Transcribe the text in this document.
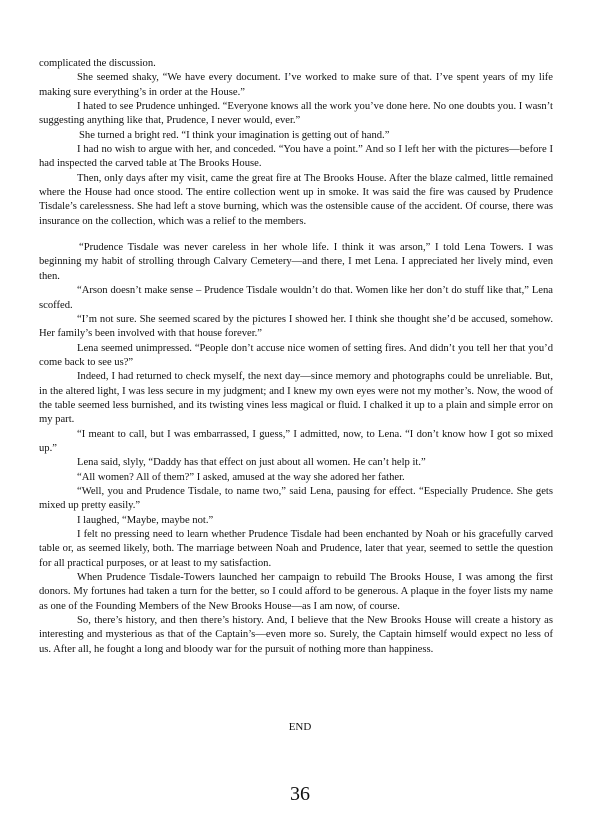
complicated the discussion.

She seemed shaky, “We have every document. I’ve worked to make sure of that. I’ve spent years of my life making sure everything’s in order at the House.”

I hated to see Prudence unhinged. “Everyone knows all the work you’ve done here. No one doubts you. I wasn’t suggesting anything like that, Prudence, I never would, ever.”

She turned a bright red. “I think your imagination is getting out of hand.”

I had no wish to argue with her, and conceded. “You have a point.” And so I left her with the pictures—before I had inspected the carved table at The Brooks House.

Then, only days after my visit, came the great fire at The Brooks House. After the blaze calmed, little remained where the House had once stood. The entire collection went up in smoke. It was said the fire was caused by Prudence Tisdale’s carelessness. She had left a stove burning, which was the ostensible cause of the accident. Of course, there was insurance on the collection, which was a relief to the members.

“Prudence Tisdale was never careless in her whole life. I think it was arson,” I told Lena Towers. I was beginning my habit of strolling through Calvary Cemetery—and there, I met Lena. I appreciated her lively mind, even then.

“Arson doesn’t make sense – Prudence Tisdale wouldn’t do that. Women like her don’t do stuff like that,” Lena scoffed.

“I’m not sure. She seemed scared by the pictures I showed her. I think she thought she’d be accused, somehow. Her family’s been involved with that house forever.”

Lena seemed unimpressed. “People don’t accuse nice women of setting fires. And didn’t you tell her that you’d come back to see us?”

Indeed, I had returned to check myself, the next day—since memory and photographs could be unreliable. But, in the altered light, I was less secure in my judgment; and I knew my own eyes were not my mother’s. Now, the wood of the table seemed less burnished, and its twisting vines less magical or fluid. I chalked it up to a plain and simple error on my part.

“I meant to call, but I was embarrassed, I guess,” I admitted, now, to Lena. “I don’t know how I got so mixed up.”

Lena said, slyly, “Daddy has that effect on just about all women. He can’t help it.”

“All women? All of them?” I asked, amused at the way she adored her father.

“Well, you and Prudence Tisdale, to name two,” said Lena, pausing for effect. “Especially Prudence. She gets mixed up pretty easily.”

I laughed, “Maybe, maybe not.”

I felt no pressing need to learn whether Prudence Tisdale had been enchanted by Noah or his gracefully carved table or, as seemed likely, both. The marriage between Noah and Prudence, later that year, seemed to settle the question for all practical purposes, or at least to my satisfaction.

When Prudence Tisdale-Towers launched her campaign to rebuild The Brooks House, I was among the first donors. My fortunes had taken a turn for the better, so I could afford to be generous. A plaque in the foyer lists my name as one of the Founding Members of the New Brooks House—as I am now, of course.

So, there’s history, and then there’s history. And, I believe that the New Brooks House will create a history as interesting and mysterious as that of the Captain’s—even more so. Surely, the Captain himself would expect no less of us. After all, he fought a long and bloody war for the pursuit of nothing more than happiness.

END
36
